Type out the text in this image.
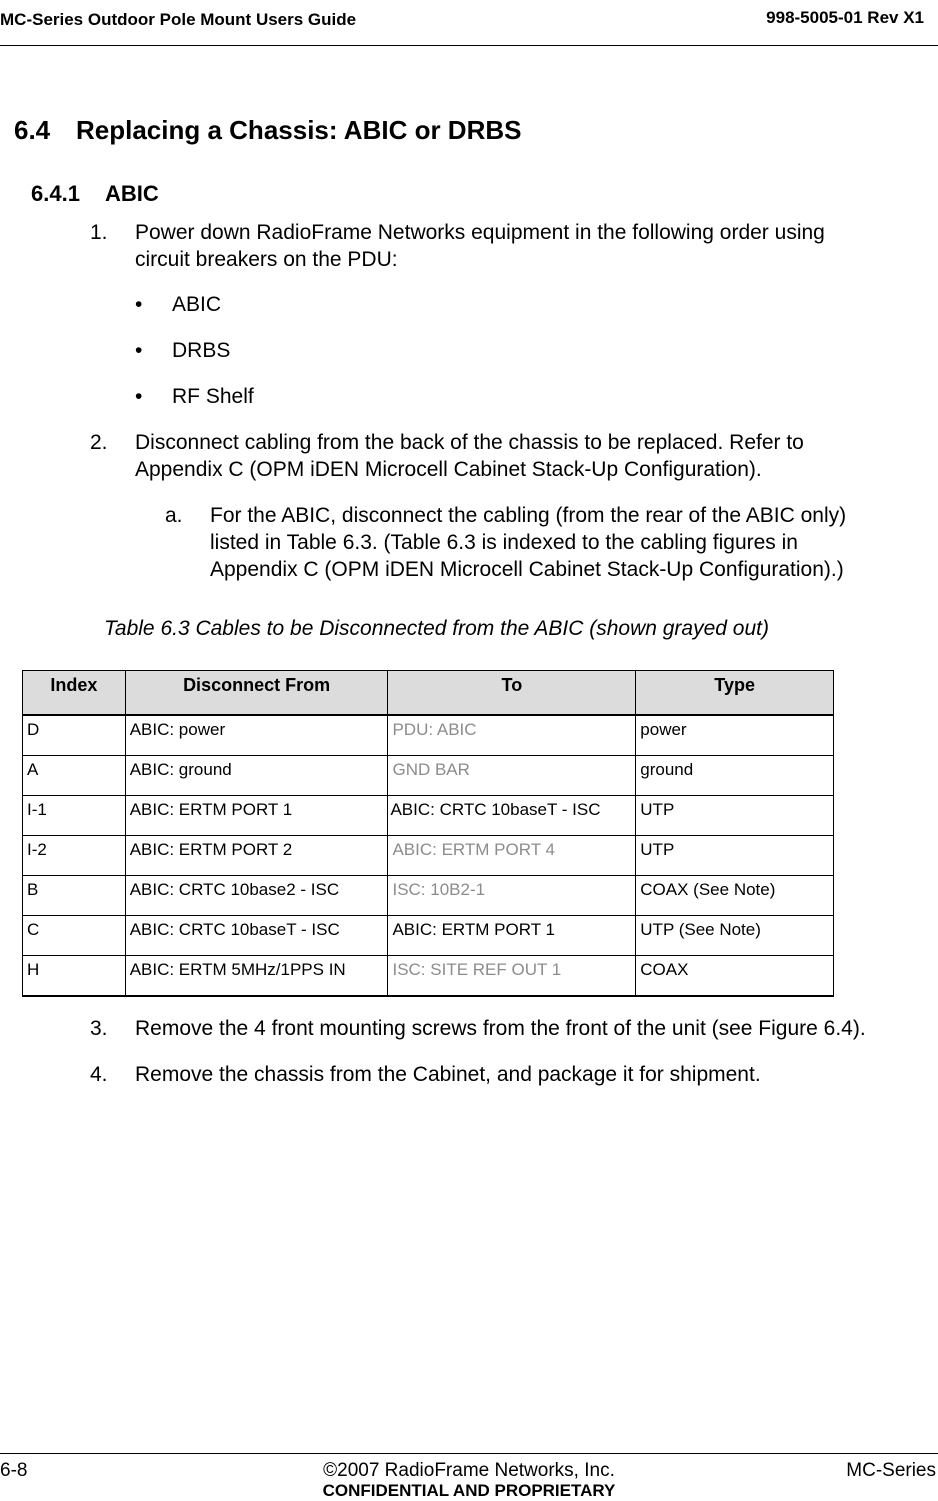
MC-Series Outdoor Pole Mount Users Guide	998-5005-01 Rev X1
6.4 Replacing a Chassis: ABIC or DRBS
6.4.1 ABIC
1. Power down RadioFrame Networks equipment in the following order using
circuit breakers on the PDU:
• ABIC
• DRBS
• RF Shelf
2. Disconnect cabling from the back of the chassis to be replaced. Refer to
Appendix C (OPM iDEN Microcell Cabinet Stack-Up Configuration).
a. For the ABIC, disconnect the cabling (from the rear of the ABIC only)
listed in Table 6.3. (Table 6.3 is indexed to the cabling figures in
Appendix C (OPM iDEN Microcell Cabinet Stack-Up Configuration).)
Table 6.3 Cables to be Disconnected from the ABIC (shown grayed out)
Index	Disconnect From	To	Type
D	ABIC: power	PDU: ABIC	power
A	ABIC: ground	GND BAR	ground
I-1	ABIC: ERTM PORT 1	ABIC: CRTC 10baseT - ISC	UTP
I-2	ABIC: ERTM PORT 2	ABIC: ERTM PORT 4	UTP
B	ABIC: CRTC 10base2 - ISC	ISC: 10B2-1	COAX (See Note)
C	ABIC: CRTC 10baseT - ISC	ABIC: ERTM PORT 1	UTP (See Note)
H	ABIC: ERTM 5MHz/1PPS IN	ISC: SITE REF OUT 1	COAX
3. Remove the 4 front mounting screws from the front of the unit (see Figure 6.4).
4. Remove the chassis from the Cabinet, and package it for shipment.
6-8	©2007 RadioFrame Networks, Inc.
CONFIDENTIAL AND PROPRIETARY
MC-Series
